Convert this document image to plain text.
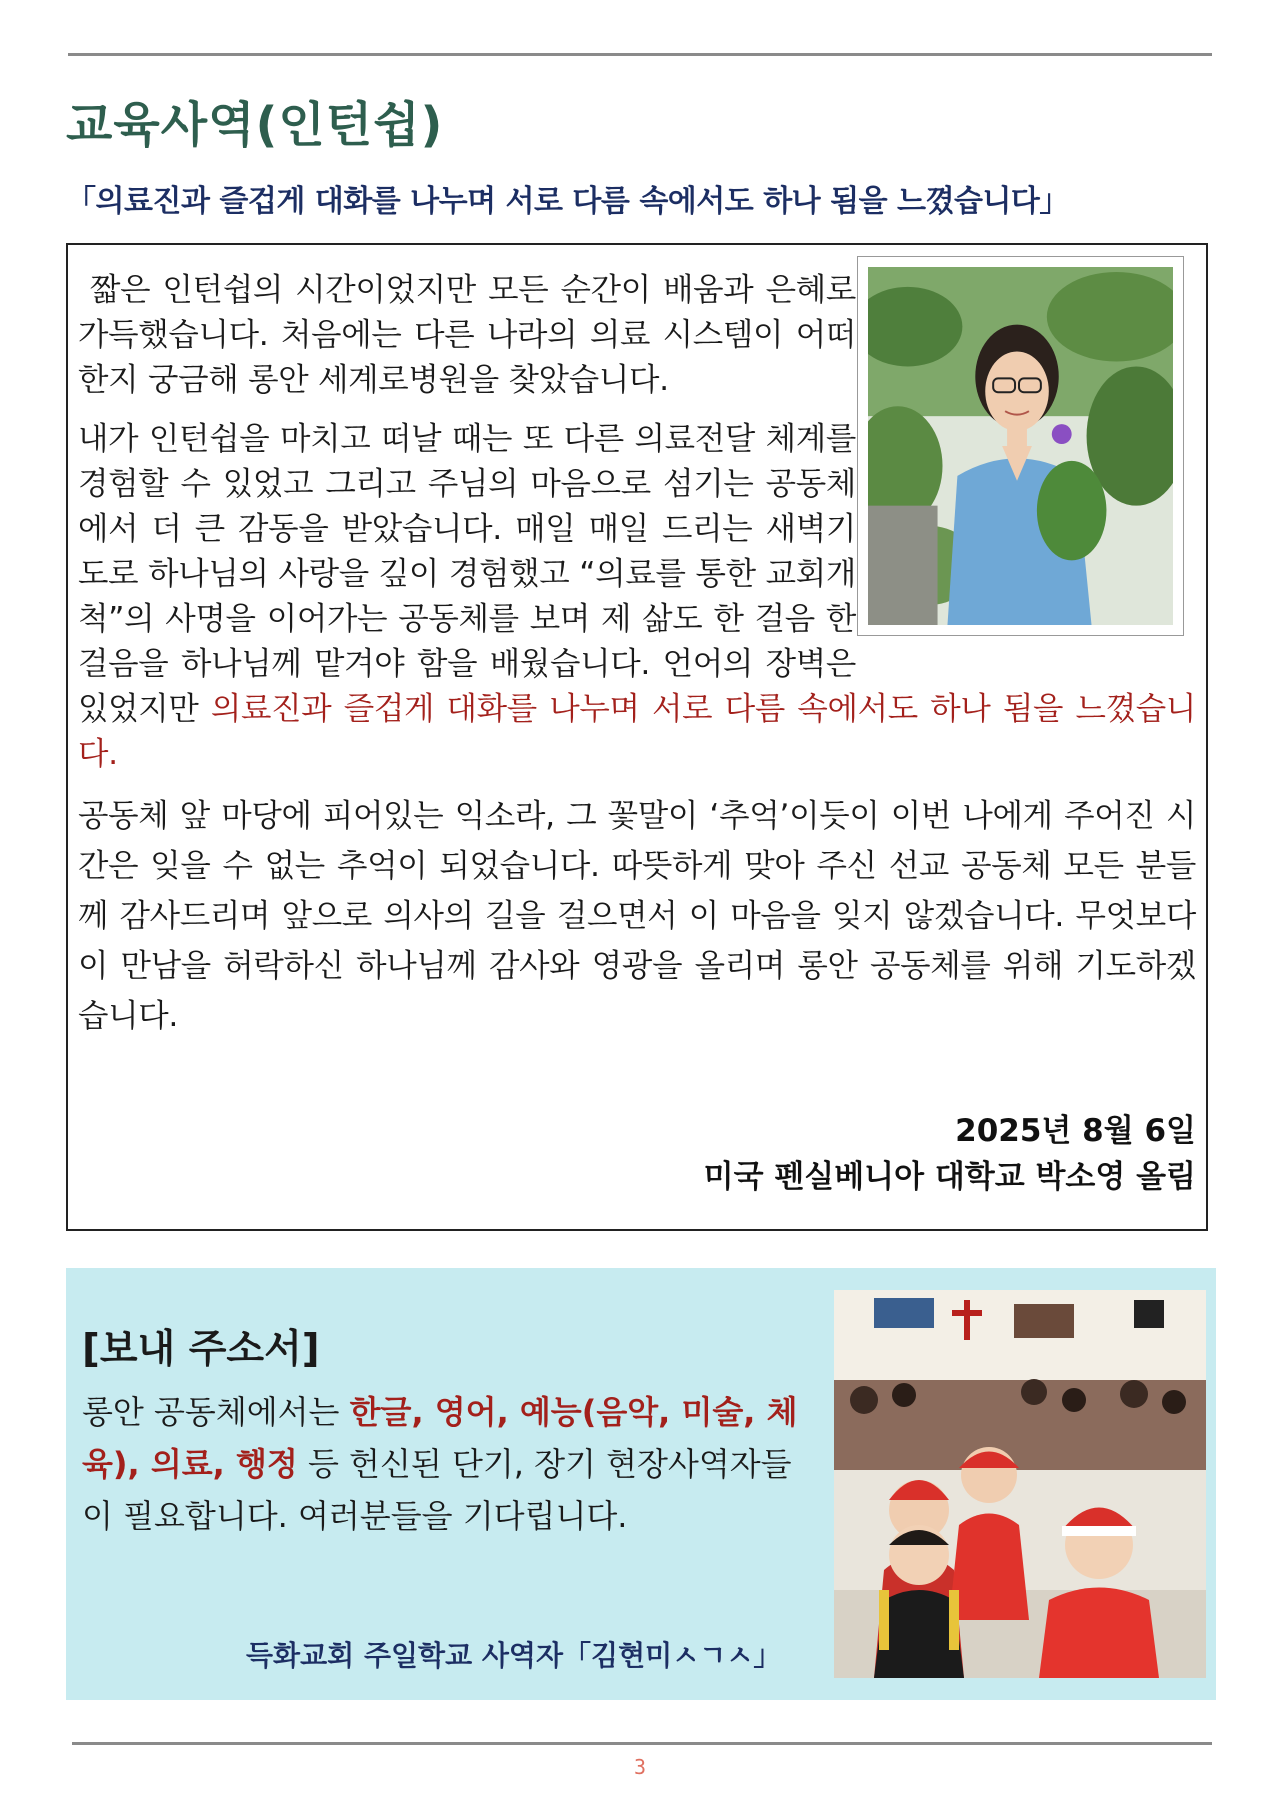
교육사역(인턴쉽)
「의료진과 즐겁게 대화를 나누며 서로 다름 속에서도 하나 됨을 느꼈습니다」

짧은 인턴쉽의 시간이었지만 모든 순간이 배움과 은혜로 가득했습니다. 처음에는 다른 나라의 의료 시스템이 어떠한지 궁금해 롱안 세계로병원을 찾았습니다.

내가 인턴쉽을 마치고 떠날 때는 또 다른 의료전달 체계를 경험할 수 있었고 그리고 주님의 마음으로 섬기는 공동체에서 더 큰 감동을 받았습니다. 매일 매일 드리는 새벽기도로 하나님의 사랑을 깊이 경험했고 “의료를 통한 교회개척”의 사명을 이어가는 공동체를 보며 제 삶도 한 걸음 한 걸음을 하나님께 맡겨야 함을 배웠습니다. 언어의 장벽은 있었지만 의료진과 즐겁게 대화를 나누며 서로 다름 속에서도 하나 됨을 느꼈습니다.

공동체 앞 마당에 피어있는 익소라, 그 꽃말이 ‘추억’이듯이 이번 나에게 주어진 시간은 잊을 수 없는 추억이 되었습니다. 따뜻하게 맞아 주신 선교 공동체 모든 분들께 감사드리며 앞으로 의사의 길을 걸으면서 이 마음을 잊지 않겠습니다. 무엇보다 이 만남을 허락하신 하나님께 감사와 영광을 올리며 롱안 공동체를 위해 기도하겠습니다.

2025년 8월 6일
미국 펜실베니아 대학교 박소영 올림
[보내 주소서]
롱안 공동체에서는 한글, 영어, 예능(음악, 미술, 체육), 의료, 행정 등 헌신된 단기, 장기 현장사역자들이 필요합니다. 여러분들을 기다립니다.

득화교회 주일학교 사역자「김현미ㅅㄱㅅ」

3
